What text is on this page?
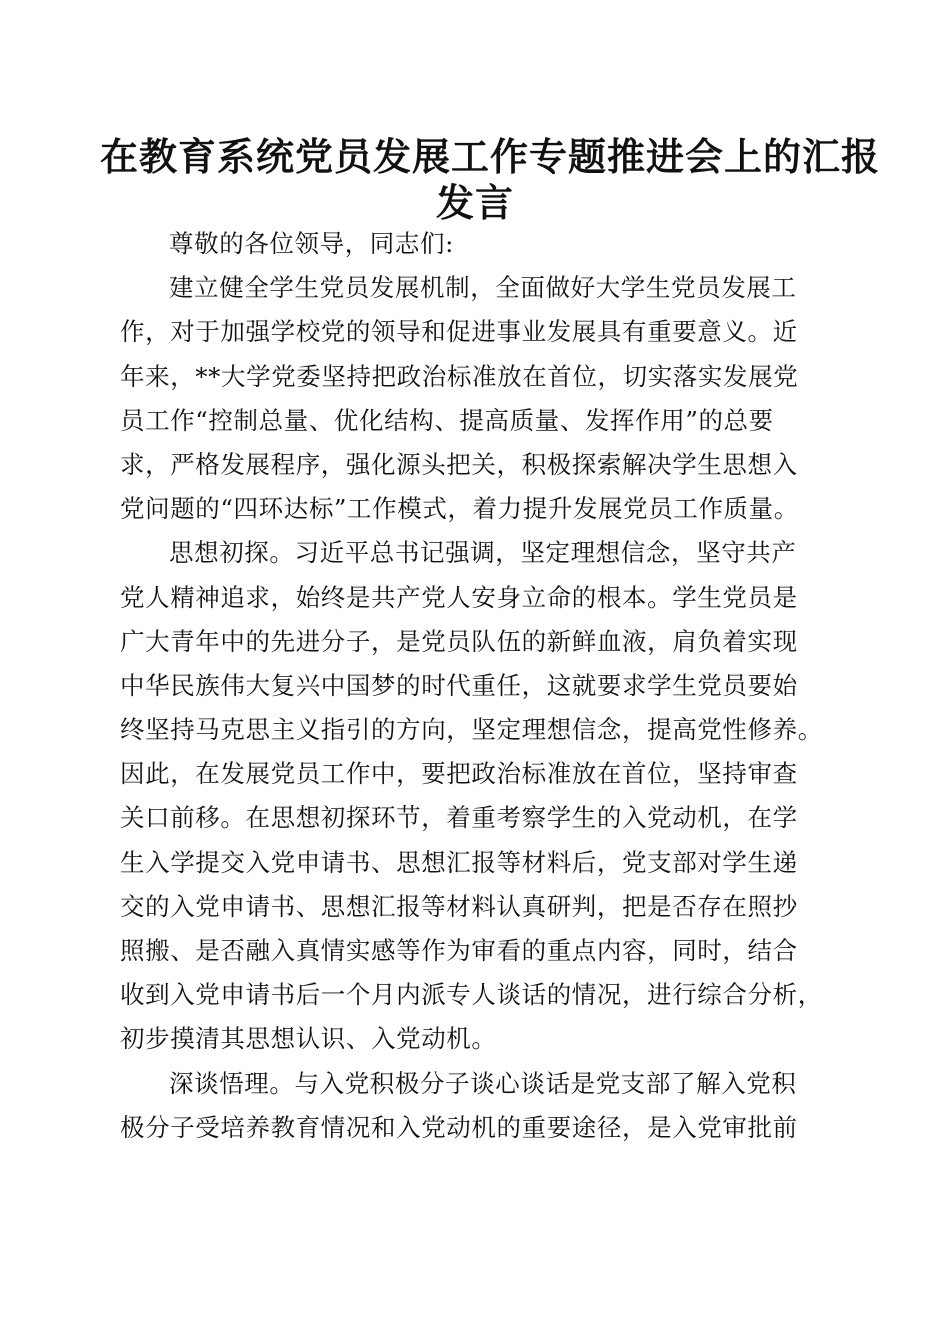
在教育系统党员发展工作专题推进会上的汇报
发言
尊敬的各位领导，同志们:
建立健全学生党员发展机制，全面做好大学生党员发展工
作，对于加强学校党的领导和促进事业发展具有重要意义。近
年来，**大学党委坚持把政治标准放在首位，切实落实发展党
员工作“控制总量、优化结构、提高质量、发挥作用”的总要
求，严格发展程序，强化源头把关，积极探索解决学生思想入
党问题的“四环达标”工作模式，着力提升发展党员工作质量。
思想初探。习近平总书记强调，坚定理想信念，坚守共产
党人精神追求，始终是共产党人安身立命的根本。学生党员是
广大青年中的先进分子，是党员队伍的新鲜血液，肩负着实现
中华民族伟大复兴中国梦的时代重任，这就要求学生党员要始
终坚持马克思主义指引的方向，坚定理想信念，提高党性修养。
因此，在发展党员工作中，要把政治标准放在首位，坚持审查
关口前移。在思想初探环节，着重考察学生的入党动机，在学
生入学提交入党申请书、思想汇报等材料后，党支部对学生递
交的入党申请书、思想汇报等材料认真研判，把是否存在照抄
照搬、是否融入真情实感等作为审看的重点内容，同时，结合
收到入党申请书后一个月内派专人谈话的情况，进行综合分析，
初步摸清其思想认识、入党动机。
深谈悟理。与入党积极分子谈心谈话是党支部了解入党积
极分子受培养教育情况和入党动机的重要途径，是入党审批前
